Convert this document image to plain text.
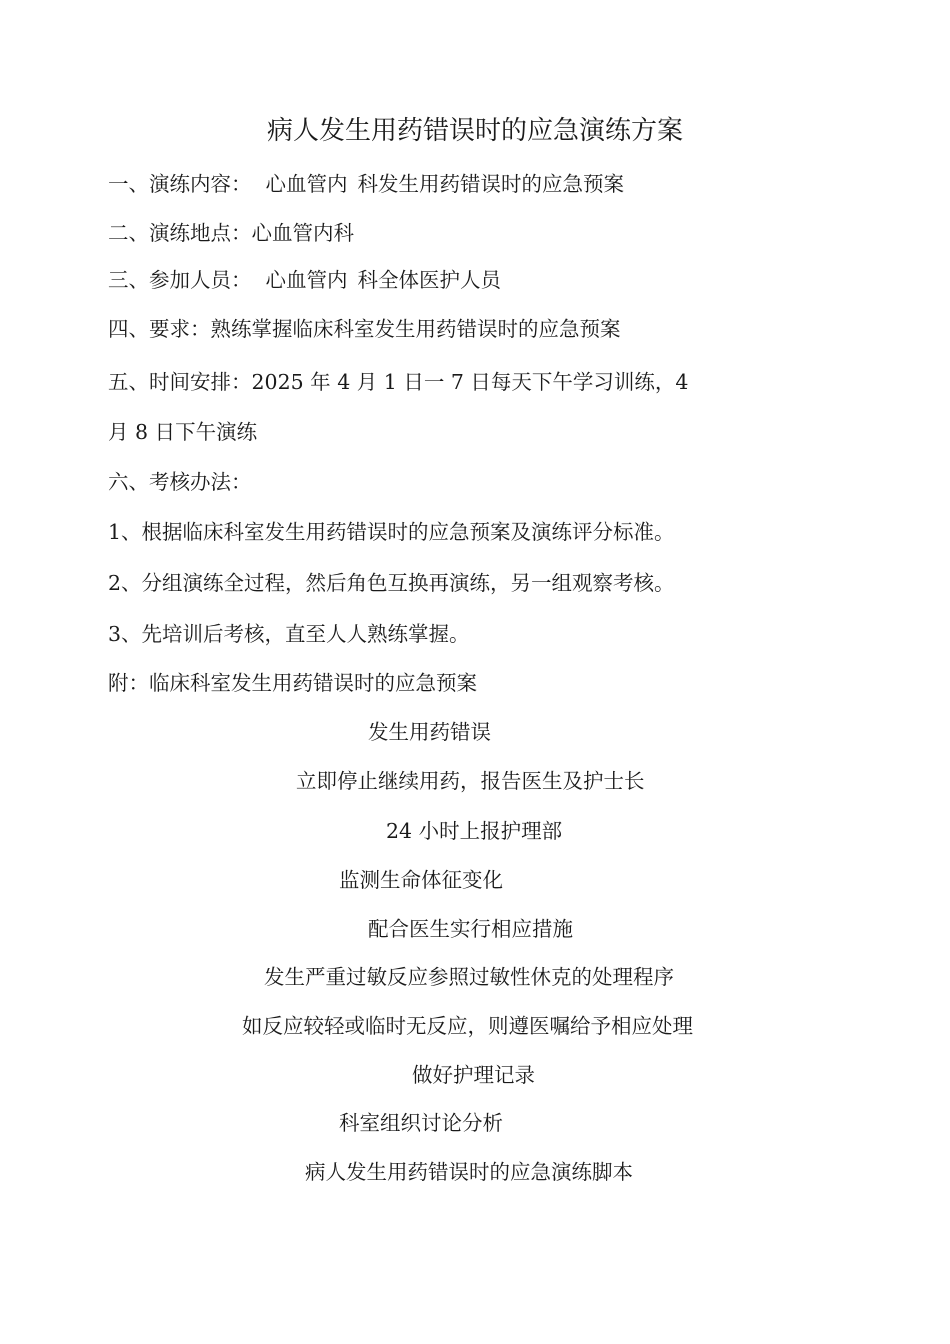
病人发生用药错误时的应急演练方案
一、演练内容： 心血管内 科发生用药错误时的应急预案
二、演练地点：心血管内科
三、参加人员： 心血管内 科全体医护人员
四、要求：熟练掌握临床科室发生用药错误时的应急预案
五、时间安排：2025 年 4 月 1 日一 7 日每天下午学习训练，4
月 8 日下午演练
六、考核办法：
1、根据临床科室发生用药错误时的应急预案及演练评分标准。
2、分组演练全过程，然后角色互换再演练，另一组观察考核。
3、先培训后考核，直至人人熟练掌握。
附：临床科室发生用药错误时的应急预案
发生用药错误
立即停止继续用药，报告医生及护士长
24 小时上报护理部
监测生命体征变化
配合医生实行相应措施
发生严重过敏反应参照过敏性休克的处理程序
如反应较轻或临时无反应，则遵医嘱给予相应处理
做好护理记录
科室组织讨论分析
病人发生用药错误时的应急演练脚本
